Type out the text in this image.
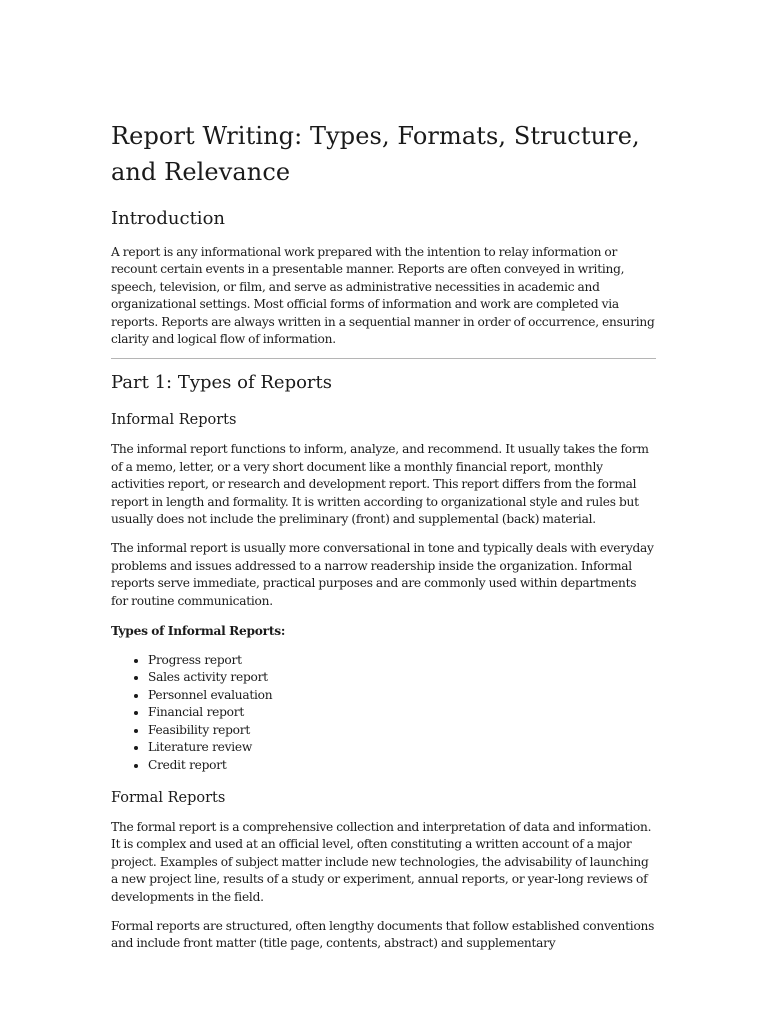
Report Writing: Types, Formats, Structure, and Relevance
Introduction

A report is any informational work prepared with the intention to relay information or recount certain events in a presentable manner. Reports are often conveyed in writing, speech, television, or film, and serve as administrative necessities in academic and organizational settings. Most official forms of information and work are completed via reports. Reports are always written in a sequential manner in order of occurrence, ensuring clarity and logical flow of information.

Part 1: Types of Reports
Informal Reports

The informal report functions to inform, analyze, and recommend. It usually takes the form of a memo, letter, or a very short document like a monthly financial report, monthly activities report, or research and development report. This report differs from the formal report in length and formality. It is written according to organizational style and rules but usually does not include the preliminary (front) and supplemental (back) material.

The informal report is usually more conversational in tone and typically deals with everyday problems and issues addressed to a narrow readership inside the organization. Informal reports serve immediate, practical purposes and are commonly used within departments for routine communication.

Types of Informal Reports:

• Progress report
• Sales activity report
• Personnel evaluation
• Financial report
• Feasibility report
• Literature review
• Credit report
Formal Reports

The formal report is a comprehensive collection and interpretation of data and information. It is complex and used at an official level, often constituting a written account of a major project. Examples of subject matter include new technologies, the advisability of launching a new project line, results of a study or experiment, annual reports, or year-long reviews of developments in the field.

Formal reports are structured, often lengthy documents that follow established conventions and include front matter (title page, contents, abstract) and supplementary
